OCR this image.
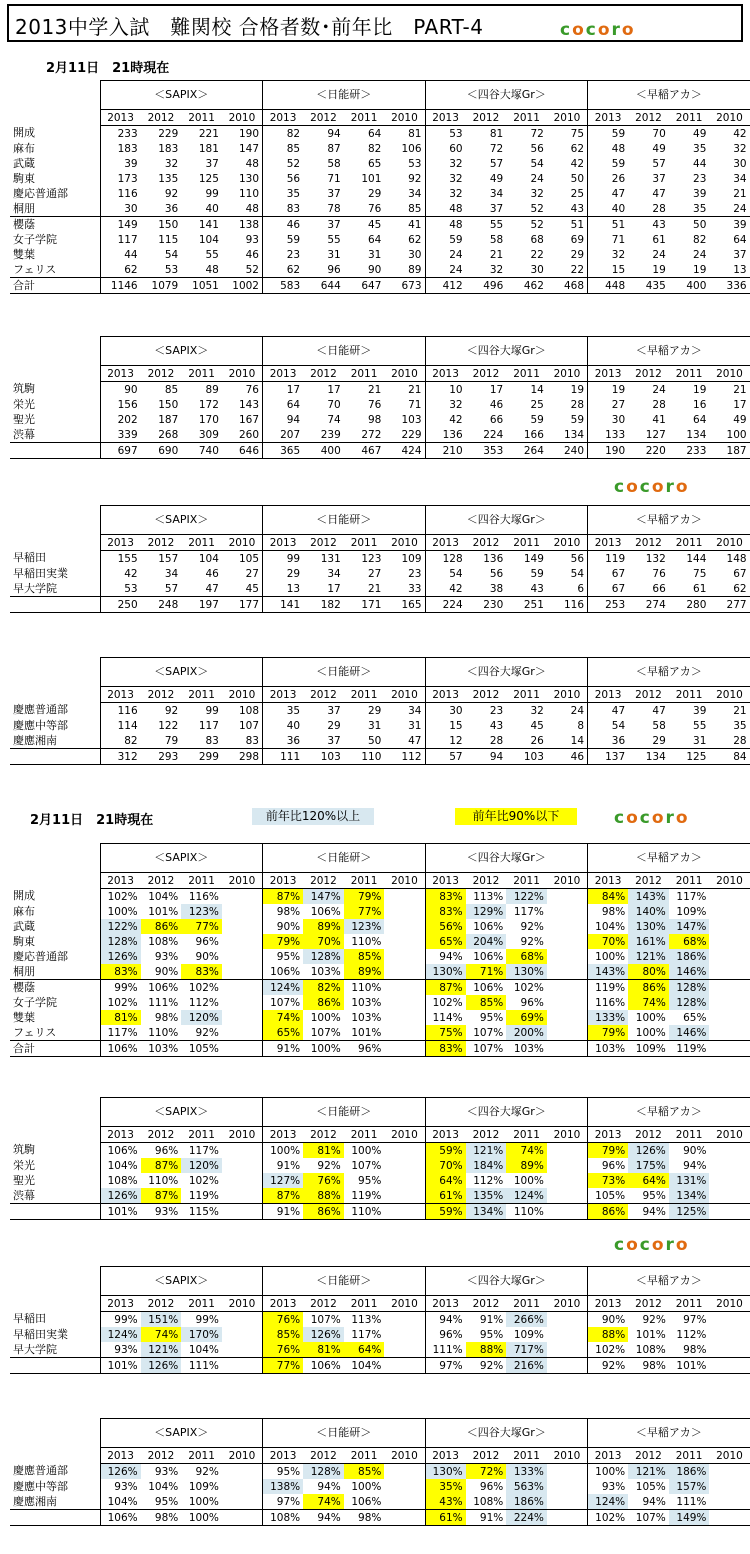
2013中学入試　難関校 合格者数･前年比　PART-4	cocoro
cocoro
cocoro
cocoro
2月11日　21時現在
2月11日　21時現在	前年比120%以上	前年比90%以下
	＜SAPIX＞				＜日能研＞				＜四谷大塚Gr＞				＜早稲アカ＞			
	2013	2012	2011	2010	2013	2012	2011	2010	2013	2012	2011	2010	2013	2012	2011	2010
開成	233	229	221	190	82	94	64	81	53	81	72	75	59	70	49	42
麻布	183	183	181	147	85	87	82	106	60	72	56	62	48	49	35	32
武蔵	39	32	37	48	52	58	65	53	32	57	54	42	59	57	44	30
駒東	173	135	125	130	56	71	101	92	32	49	24	50	26	37	23	34
慶応普通部	116	92	99	110	35	37	29	34	32	34	32	25	47	47	39	21
桐朋	30	36	40	48	83	78	76	85	48	37	52	43	40	28	35	24
櫻蔭	149	150	141	138	46	37	45	41	48	55	52	51	51	43	50	39
女子学院	117	115	104	93	59	55	64	62	59	58	68	69	71	61	82	64
雙葉	44	54	55	46	23	31	31	30	24	21	22	29	32	24	24	37
フェリス	62	53	48	52	62	96	90	89	24	32	30	22	15	19	19	13
合計	1146	1079	1051	1002	583	644	647	673	412	496	462	468	448	435	400	336
	＜SAPIX＞				＜日能研＞				＜四谷大塚Gr＞				＜早稲アカ＞			
	2013	2012	2011	2010	2013	2012	2011	2010	2013	2012	2011	2010	2013	2012	2011	2010
筑駒	90	85	89	76	17	17	21	21	10	17	14	19	19	24	19	21
栄光	156	150	172	143	64	70	76	71	32	46	25	28	27	28	16	17
聖光	202	187	170	167	94	74	98	103	42	66	59	59	30	41	64	49
渋幕	339	268	309	260	207	239	272	229	136	224	166	134	133	127	134	100
	697	690	740	646	365	400	467	424	210	353	264	240	190	220	233	187
	＜SAPIX＞				＜日能研＞				＜四谷大塚Gr＞				＜早稲アカ＞			
	2013	2012	2011	2010	2013	2012	2011	2010	2013	2012	2011	2010	2013	2012	2011	2010
早稲田	155	157	104	105	99	131	123	109	128	136	149	56	119	132	144	148
早稲田実業	42	34	46	27	29	34	27	23	54	56	59	54	67	76	75	67
早大学院	53	57	47	45	13	17	21	33	42	38	43	6	67	66	61	62
	250	248	197	177	141	182	171	165	224	230	251	116	253	274	280	277
	＜SAPIX＞				＜日能研＞				＜四谷大塚Gr＞				＜早稲アカ＞			
	2013	2012	2011	2010	2013	2012	2011	2010	2013	2012	2011	2010	2013	2012	2011	2010
慶應普通部	116	92	99	108	35	37	29	34	30	23	32	24	47	47	39	21
慶應中等部	114	122	117	107	40	29	31	31	15	43	45	8	54	58	55	35
慶應湘南	82	79	83	83	36	37	50	47	12	28	26	14	36	29	31	28
	312	293	299	298	111	103	110	112	57	94	103	46	137	134	125	84
	＜SAPIX＞				＜日能研＞				＜四谷大塚Gr＞				＜早稲アカ＞			
	2013	2012	2011	2010	2013	2012	2011	2010	2013	2012	2011	2010	2013	2012	2011	2010
開成	102%	104%	116%		87%	147%	79%		83%	113%	122%		84%	143%	117%	
麻布	100%	101%	123%		98%	106%	77%		83%	129%	117%		98%	140%	109%	
武蔵	122%	86%	77%		90%	89%	123%		56%	106%	92%		104%	130%	147%	
駒東	128%	108%	96%		79%	70%	110%		65%	204%	92%		70%	161%	68%	
慶応普通部	126%	93%	90%		95%	128%	85%		94%	106%	68%		100%	121%	186%	
桐朋	83%	90%	83%		106%	103%	89%		130%	71%	130%		143%	80%	146%	
櫻蔭	99%	106%	102%		124%	82%	110%		87%	106%	102%		119%	86%	128%	
女子学院	102%	111%	112%		107%	86%	103%		102%	85%	96%		116%	74%	128%	
雙葉	81%	98%	120%		74%	100%	103%		114%	95%	69%		133%	100%	65%	
フェリス	117%	110%	92%		65%	107%	101%		75%	107%	200%		79%	100%	146%	
合計	106%	103%	105%		91%	100%	96%		83%	107%	103%		103%	109%	119%	
	＜SAPIX＞				＜日能研＞				＜四谷大塚Gr＞				＜早稲アカ＞			
	2013	2012	2011	2010	2013	2012	2011	2010	2013	2012	2011	2010	2013	2012	2011	2010
筑駒	106%	96%	117%		100%	81%	100%		59%	121%	74%		79%	126%	90%	
栄光	104%	87%	120%		91%	92%	107%		70%	184%	89%		96%	175%	94%	
聖光	108%	110%	102%		127%	76%	95%		64%	112%	100%		73%	64%	131%	
渋幕	126%	87%	119%		87%	88%	119%		61%	135%	124%		105%	95%	134%	
	101%	93%	115%		91%	86%	110%		59%	134%	110%		86%	94%	125%	
	＜SAPIX＞				＜日能研＞				＜四谷大塚Gr＞				＜早稲アカ＞			
	2013	2012	2011	2010	2013	2012	2011	2010	2013	2012	2011	2010	2013	2012	2011	2010
早稲田	99%	151%	99%		76%	107%	113%		94%	91%	266%		90%	92%	97%	
早稲田実業	124%	74%	170%		85%	126%	117%		96%	95%	109%		88%	101%	112%	
早大学院	93%	121%	104%		76%	81%	64%		111%	88%	717%		102%	108%	98%	
	101%	126%	111%		77%	106%	104%		97%	92%	216%		92%	98%	101%	
	＜SAPIX＞				＜日能研＞				＜四谷大塚Gr＞				＜早稲アカ＞			
	2013	2012	2011	2010	2013	2012	2011	2010	2013	2012	2011	2010	2013	2012	2011	2010
慶應普通部	126%	93%	92%		95%	128%	85%		130%	72%	133%		100%	121%	186%	
慶應中等部	93%	104%	109%		138%	94%	100%		35%	96%	563%		93%	105%	157%	
慶應湘南	104%	95%	100%		97%	74%	106%		43%	108%	186%		124%	94%	111%	
	106%	98%	100%		108%	94%	98%		61%	91%	224%		102%	107%	149%	
